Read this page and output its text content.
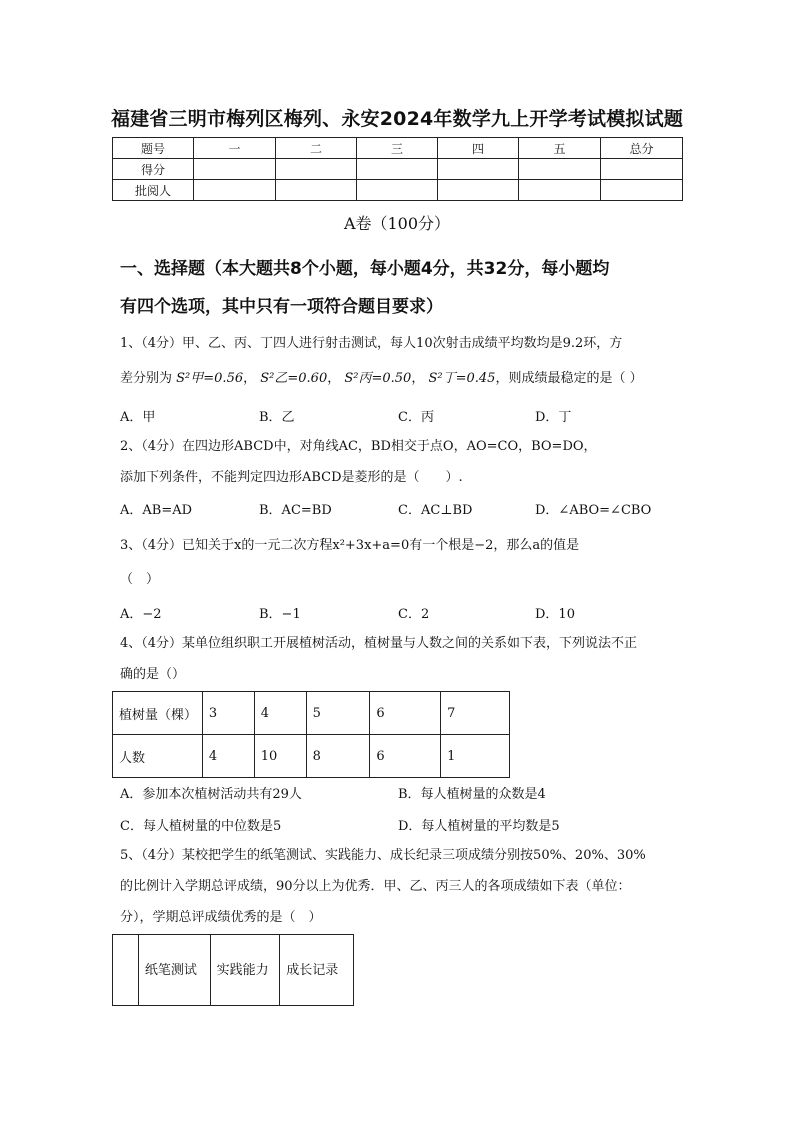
福建省三明市梅列区梅列、永安2024年数学九上开学考试模拟试题
题号	一	二	三	四	五	总分
得分						
批阅人						
A卷（100分）
一、选择题（本大题共8个小题，每小题4分，共32分，每小题均
有四个选项，其中只有一项符合题目要求）
1、（4分）甲、乙、丙、丁四人进行射击测试，每人10次射击成绩平均数均是9.2环，方
差分别为 S²甲=0.56， S²乙=0.60， S²丙=0.50， S²丁=0.45，则成绩最稳定的是（ ）
A．甲	B．乙	C．丙	D．丁
2、（4分）在四边形ABCD中，对角线AC，BD相交于点O，AO=CO，BO=DO，
添加下列条件，不能判定四边形ABCD是菱形的是（　　）.
A．AB=AD	B．AC=BD	C．AC⊥BD	D．∠ABO=∠CBO
3、（4分）已知关于x的一元二次方程x²+3x+a=0有一个根是−2，那么a的值是
（　）
A．−2	B．−1	C．2	D．10
4、（4分）某单位组织职工开展植树活动，植树量与人数之间的关系如下表，下列说法不正
确的是（）
植树量（棵）	3	4	5	6	7
人数	4	10	8	6	1
A．参加本次植树活动共有29人	B．每人植树量的众数是4
C．每人植树量的中位数是5	D．每人植树量的平均数是5
5、（4分）某校把学生的纸笔测试、实践能力、成长纪录三项成绩分别按50%、20%、30%
的比例计入学期总评成绩，90分以上为优秀．甲、乙、丙三人的各项成绩如下表（单位：
分），学期总评成绩优秀的是（　）
	纸笔测试	实践能力	成长记录
